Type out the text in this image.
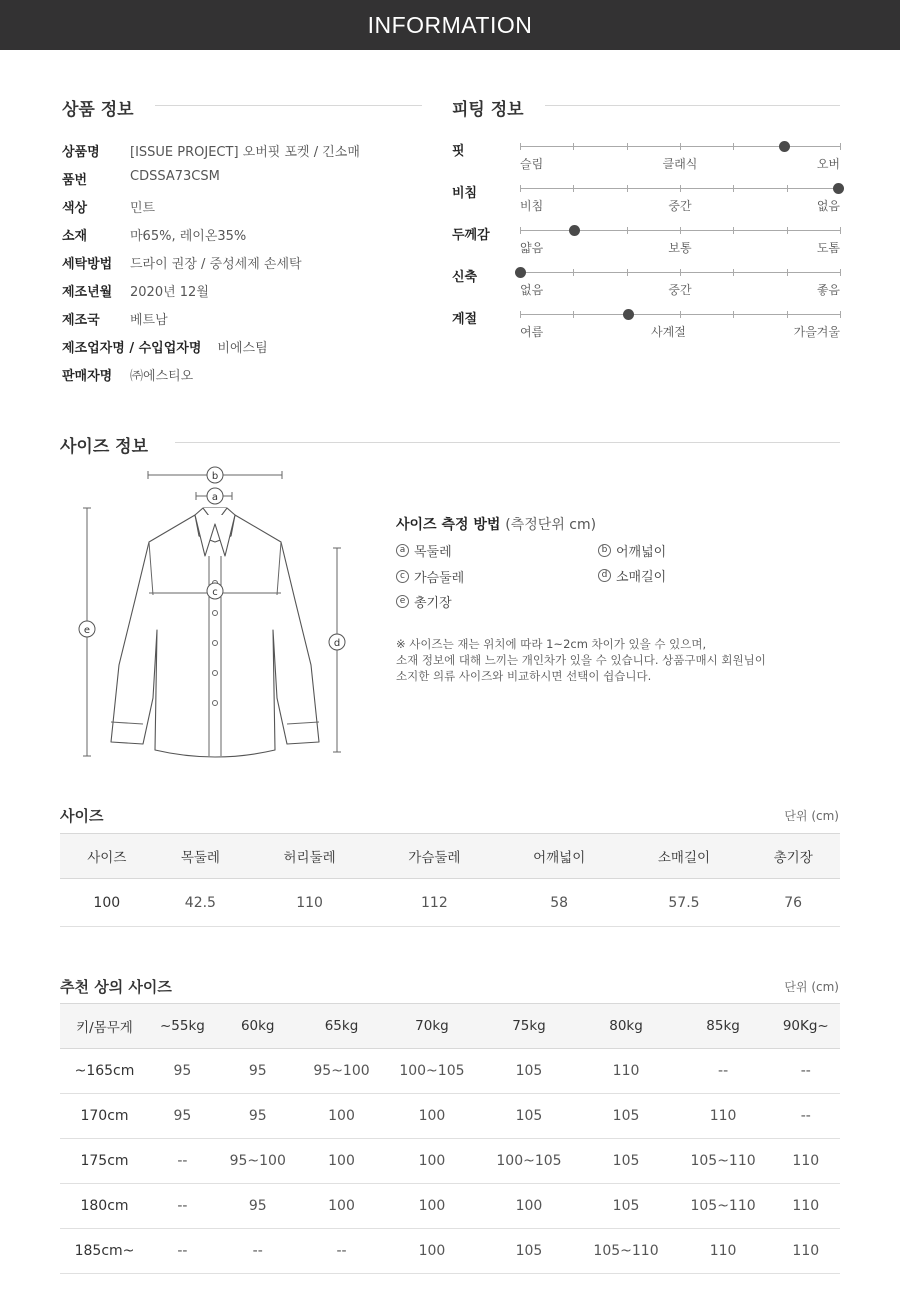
INFORMATION
상품 정보
상품명	[ISSUE PROJECT] 오버핏 포켓 / 긴소매
품번	CDSSA73CSM
색상	민트
소재	마65%, 레이온35%
세탁방법	드라이 권장 / 중성세제 손세탁
제조년월	2020년 12월
제조국	베트남
제조업자명 / 수입업자명 비에스팀
판매자명	㈜에스티오
피팅 정보
핏
슬림	클래식	오버
비침
비침	중간	없음
두께감
얇음	보통	도톰
신축
없음	중간	좋음
계절
여름	사계절	가을겨울
사이즈 정보
b
a
c
e
d
사이즈 측정 방법 (측정단위 cm)
a 목둘레	b 어깨넓이
c 가슴둘레	d 소매길이
e 총기장
※ 사이즈는 재는 위치에 따라 1~2cm 차이가 있을 수 있으며,
소재 정보에 대해 느끼는 개인차가 있을 수 있습니다. 상품구매시 회원님이
소지한 의류 사이즈와 비교하시면 선택이 쉽습니다.
사이즈	단위 (cm)
사이즈	목둘레	허리둘레	가슴둘레	어깨넓이	소매길이	총기장
100	42.5	110	112	58	57.5	76
추천 상의 사이즈	단위 (cm)
키/몸무게	~55kg	60kg	65kg	70kg	75kg	80kg	85kg	90Kg~
~165cm	95	95	95~100	100~105	105	110	--	--
170cm	95	95	100	100	105	105	110	--
175cm	--	95~100	100	100	100~105	105	105~110	110
180cm	--	95	100	100	100	105	105~110	110
185cm~	--	--	--	100	105	105~110	110	110
